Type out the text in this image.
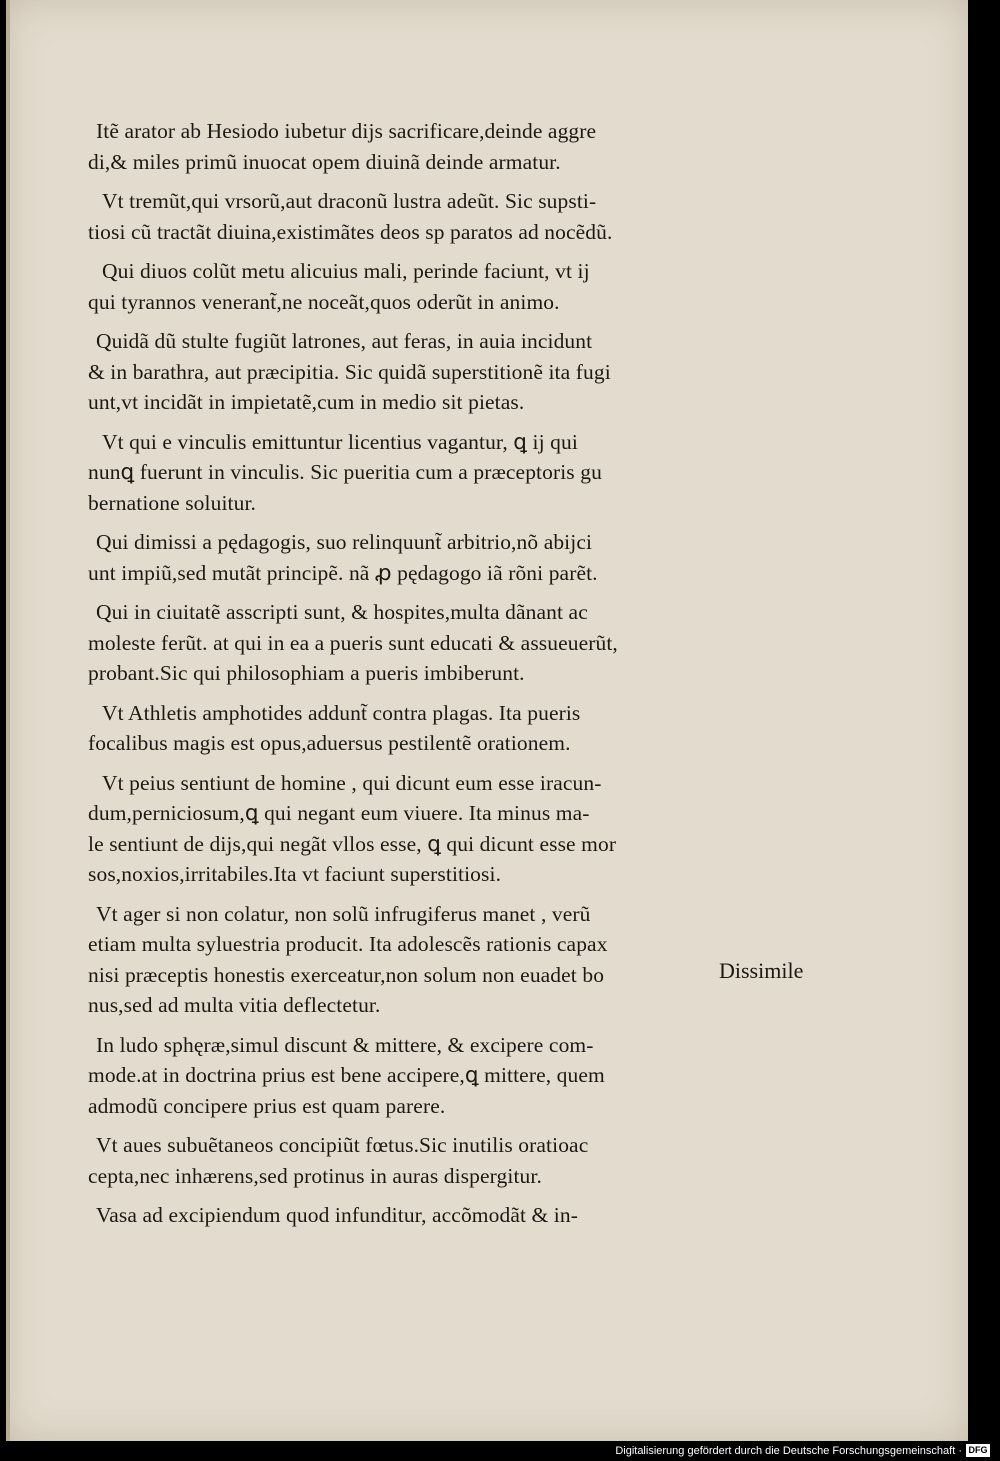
Itẽ arator ab Hesiodo iubetur dijs sacrificare,deinde aggre
di,& miles primũ inuocat opem diuinã deinde armatur.

Vt tremũt,qui vrsorũ,aut draconũ lustra adeũt. Sic supsti-
tiosi cũ tractãt diuina,existimãtes deos sp paratos ad nocẽdũ.

Qui diuos colũt metu alicuius mali, perinde faciunt, vt ij
qui tyrannos venerant̃,ne noceãt,quos oderũt in animo.

Quidã dũ stulte fugiũt latrones, aut feras, in auia incidunt
& in barathra, aut præcipitia. Sic quidã superstitionẽ ita fugi
unt,vt incidãt in impietatẽ,cum in medio sit pietas.

Vt qui e vinculis emittuntur licentius vagantur, ꝗ ij qui
nunꝗ fuerunt in vinculis. Sic pueritia cum a præceptoris gu
bernatione soluitur.

Qui dimissi a pędagogis, suo relinquunt̃ arbitrio,nõ abijci
unt impiũ,sed mutãt principẽ. nã ꝓ pędagogo iã rõni parẽt.

Qui in ciuitatẽ asscripti sunt, & hospites,multa dãnant ac
moleste ferũt. at qui in ea a pueris sunt educati & assueuerũt,
probant.Sic qui philosophiam a pueris imbiberunt.

Vt Athletis amphotides addunt̃ contra plagas. Ita pueris
focalibus magis est opus,aduersus pestilentẽ orationem.

Vt peius sentiunt de homine , qui dicunt eum esse iracun-
dum,perniciosum,ꝗ qui negant eum viuere. Ita minus ma-
le sentiunt de dijs,qui negãt vllos esse, ꝗ qui dicunt esse mor
sos,noxios,irritabiles.Ita vt faciunt superstitiosi.

Vt ager si non colatur, non solũ infrugiferus manet , verũ
etiam multa syluestria producit. Ita adolescẽs rationis capax
nisi præceptis honestis exerceatur,non solum non euadet bo
nus,sed ad multa vitia deflectetur.

In ludo sphęræ,simul discunt & mittere, & excipere com-
mode.at in doctrina prius est bene accipere,ꝗ mittere, quem
admodũ concipere prius est quam parere.

Vt aues subuẽtaneos concipiũt fœtus.Sic inutilis oratioac
cepta,nec inhærens,sed protinus in auras dispergitur.

Vasa ad excipiendum quod infunditur, accõmodãt & in-

Dissimile
Digitalisierung gefördert durch die Deutsche Forschungsgemeinschaft · DFG
